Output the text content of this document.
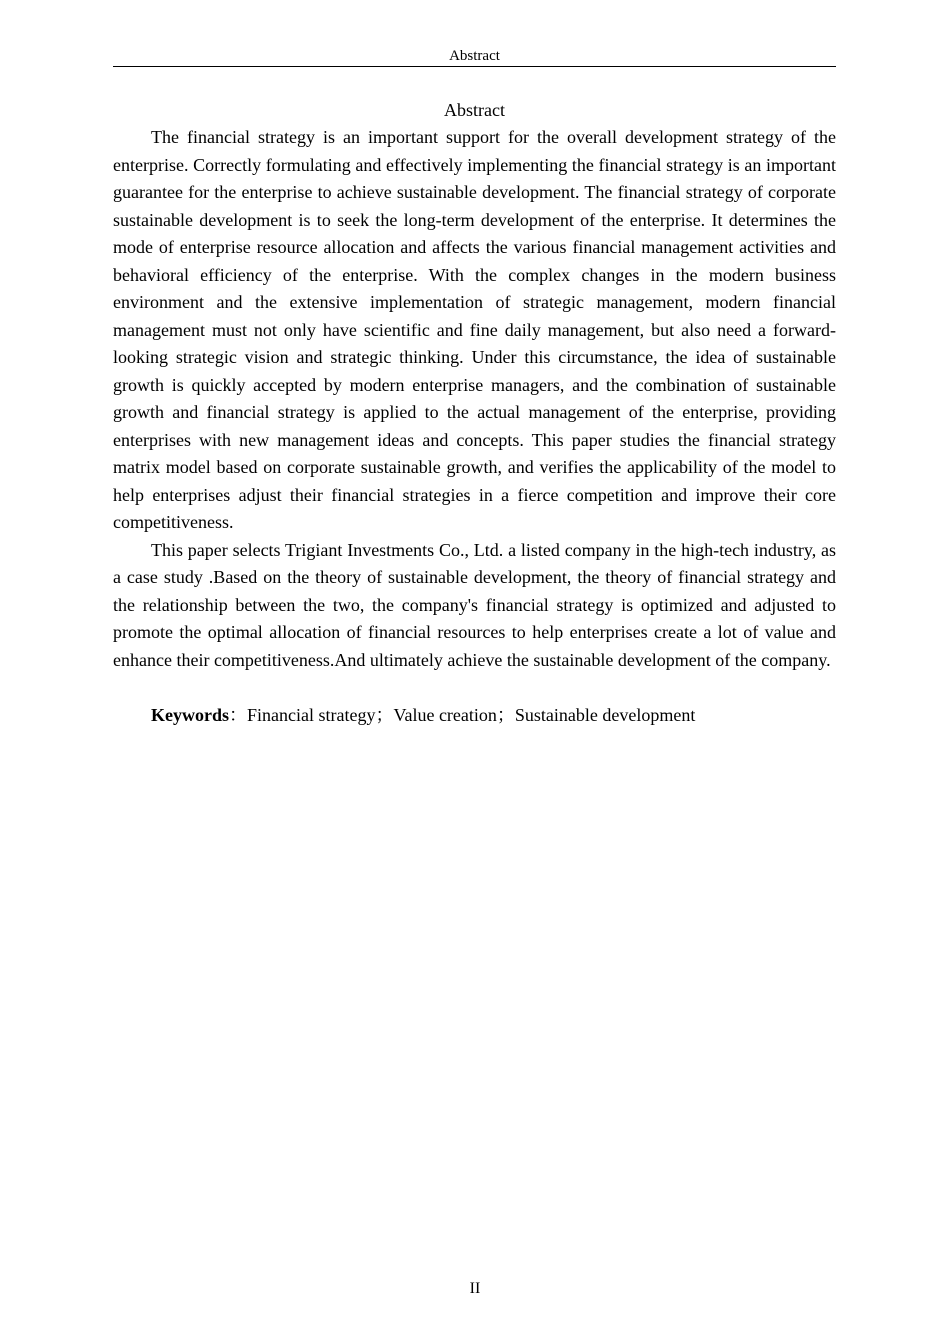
Abstract
Abstract

The financial strategy is an important support for the overall development strategy of the enterprise. Correctly formulating and effectively implementing the financial strategy is an important guarantee for the enterprise to achieve sustainable development. The financial strategy of corporate sustainable development is to seek the long-term development of the enterprise. It determines the mode of enterprise resource allocation and affects the various financial management activities and behavioral efficiency of the enterprise. With the complex changes in the modern business environment and the extensive implementation of strategic management, modern financial management must not only have scientific and fine daily management, but also need a forward-looking strategic vision and strategic thinking. Under this circumstance, the idea of sustainable growth is quickly accepted by modern enterprise managers, and the combination of sustainable growth and financial strategy is applied to the actual management of the enterprise, providing enterprises with new management ideas and concepts. This paper studies the financial strategy matrix model based on corporate sustainable growth, and verifies the applicability of the model to help enterprises adjust their financial strategies in a fierce competition and improve their core competitiveness.

This paper selects Trigiant Investments Co., Ltd. a listed company in the high-tech industry, as a case study .Based on the theory of sustainable development, the theory of financial strategy and the relationship between the two, the company's financial strategy is optimized and adjusted to promote the optimal allocation of financial resources to help enterprises create a lot of value and enhance their competitiveness.And ultimately achieve the sustainable development of the company.

Keywords：Financial strategy；Value creation；Sustainable development

II
